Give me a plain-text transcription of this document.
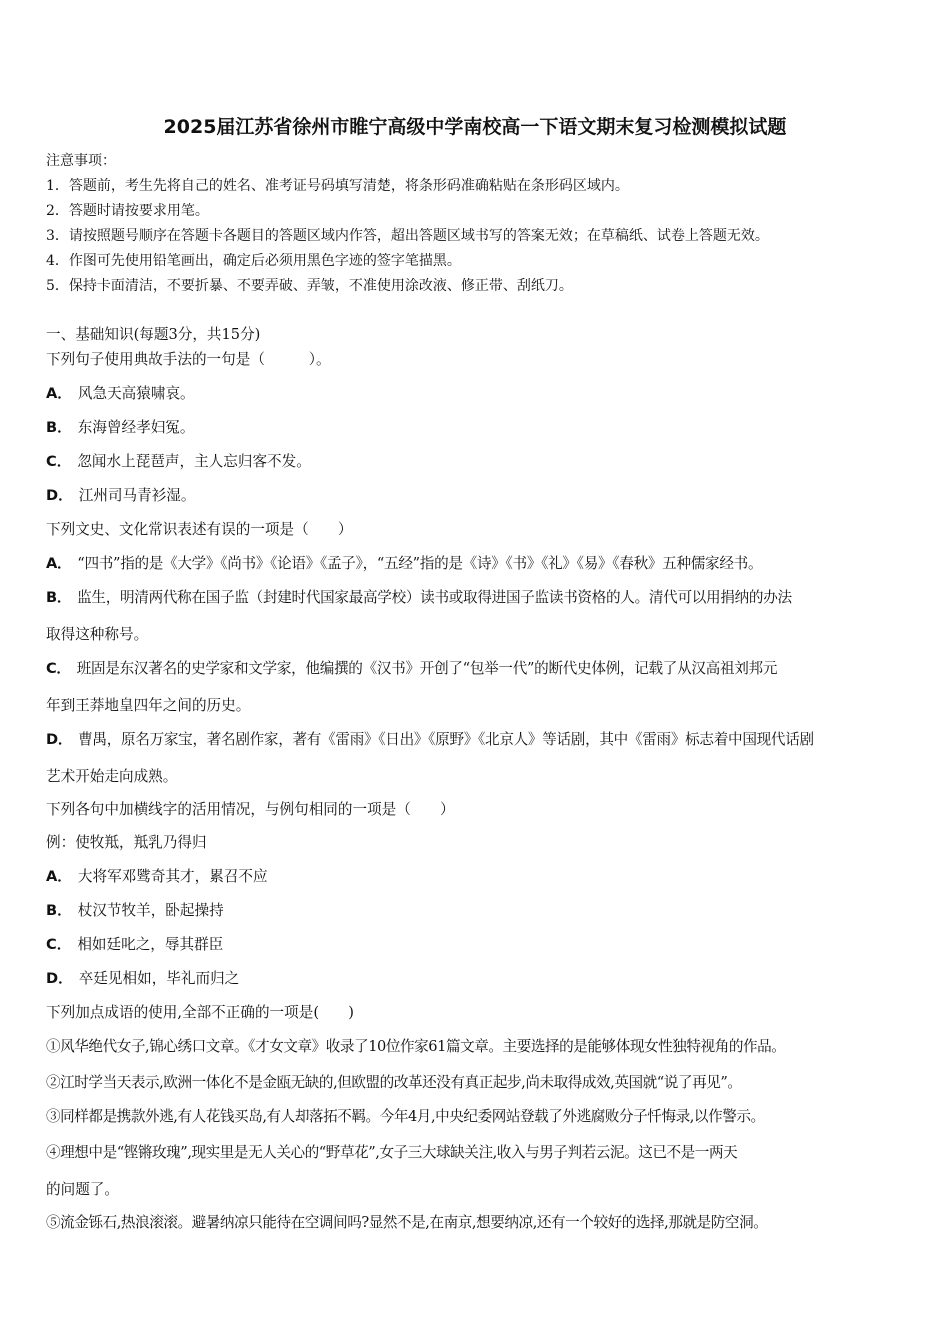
2025届江苏省徐州市睢宁高级中学南校高一下语文期末复习检测模拟试题
注意事项：
1．答题前，考生先将自己的姓名、准考证号码填写清楚，将条形码准确粘贴在条形码区域内。
2．答题时请按要求用笔。
3．请按照题号顺序在答题卡各题目的答题区域内作答，超出答题区域书写的答案无效；在草稿纸、试卷上答题无效。
4．作图可先使用铅笔画出，确定后必须用黑色字迹的签字笔描黑。
5．保持卡面清洁，不要折暴、不要弄破、弄皱，不准使用涂改液、修正带、刮纸刀。
一、基础知识(每题3分，共15分)
下列句子使用典故手法的一句是（　　　）。
A． 风急天高猿啸哀。
B． 东海曾经孝妇冤。
C． 忽闻水上琵琶声，主人忘归客不发。
D． 江州司马青衫湿。
下列文史、文化常识表述有误的一项是（　　）
A． “四书”指的是《大学》《尚书》《论语》《孟子》，“五经”指的是《诗》《书》《礼》《易》《春秋》五种儒家经书。
B． 监生，明清两代称在国子监（封建时代国家最高学校）读书或取得进国子监读书资格的人。清代可以用捐纳的办法
取得这种称号。
C． 班固是东汉著名的史学家和文学家，他编撰的《汉书》开创了“包举一代”的断代史体例，记载了从汉高祖刘邦元
年到王莽地皇四年之间的历史。
D． 曹禺，原名万家宝，著名剧作家，著有《雷雨》《日出》《原野》《北京人》等话剧，其中《雷雨》标志着中国现代话剧
艺术开始走向成熟。
下列各句中加横线字的活用情况，与例句相同的一项是（　　）
例：使牧羝，羝乳乃得归
A． 大将军邓骘奇其才，累召不应
B． 杖汉节牧羊，卧起操持
C． 相如廷叱之，辱其群臣
D． 卒廷见相如，毕礼而归之
下列加点成语的使用,全部不正确的一项是(　　)
①风华绝代女子,锦心绣口文章。《才女文章》收录了10位作家61篇文章。主要选择的是能够体现女性独特视角的作品。
②江时学当天表示,欧洲一体化不是金瓯无缺的,但欧盟的改革还没有真正起步,尚未取得成效,英国就“说了再见”。
③同样都是携款外逃,有人花钱买岛,有人却落拓不羁。今年4月,中央纪委网站登载了外逃腐败分子忏悔录,以作警示。
④理想中是“铿锵玫瑰”,现实里是无人关心的“野草花”,女子三大球缺关注,收入与男子判若云泥。这已不是一两天
的问题了。
⑤流金铄石,热浪滚滚。避暑纳凉只能待在空调间吗?显然不是,在南京,想要纳凉,还有一个较好的选择,那就是防空洞。
